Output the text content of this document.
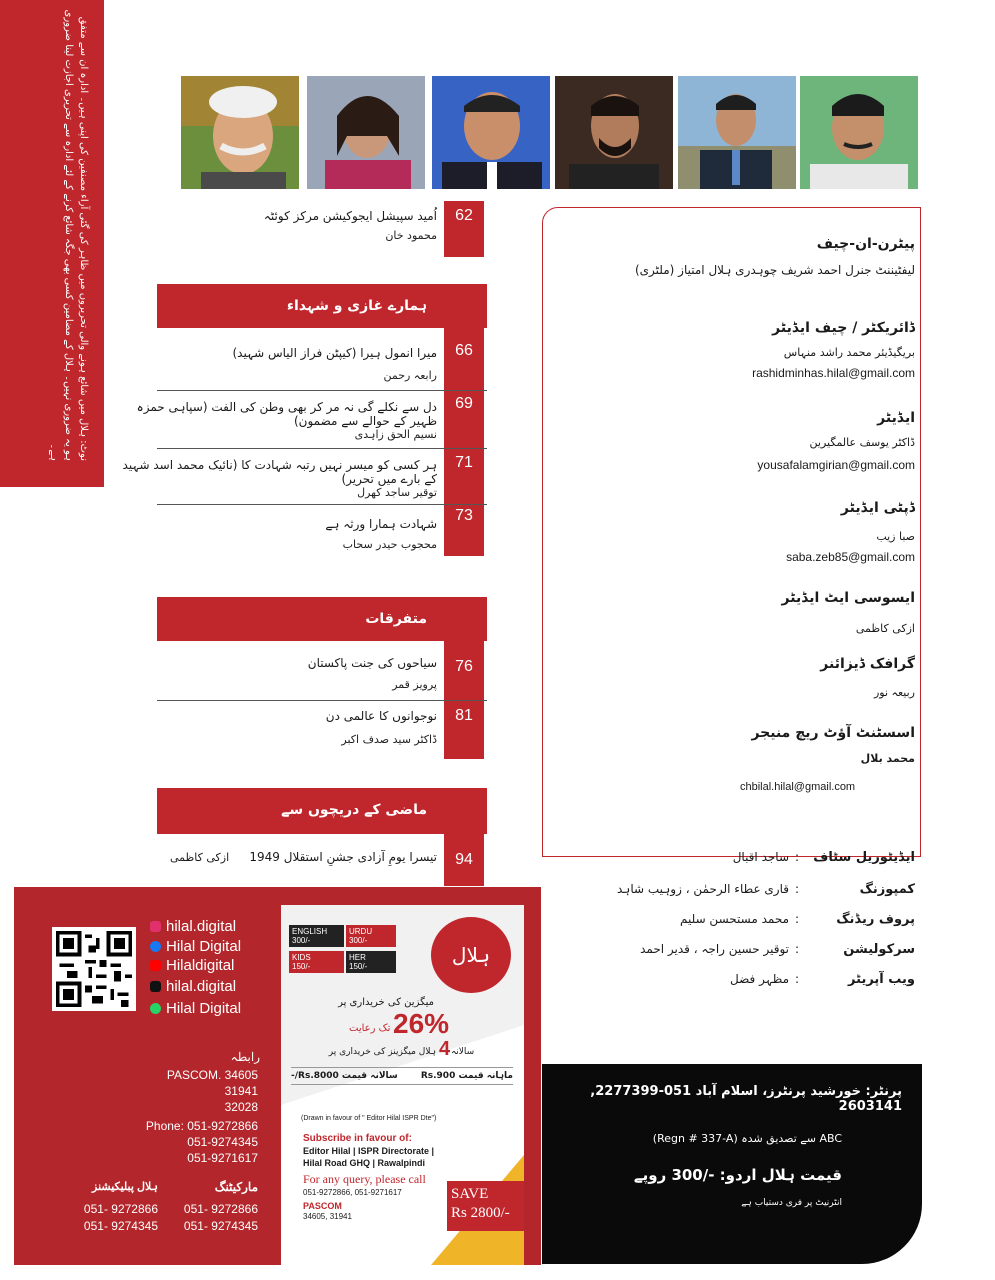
نوٹ: ہلال میں شائع ہونے والی تحریروں میں ظاہر کی گئی آراء مصنفین کی اپنی ہیں۔ ادارہ ان سے متفق ہو یہ ضروری نہیں۔ ہلال کے مضامین کسی بھی جگہ شائع کرنے کے لئے ادارہ سے تحریری اجازت لینا ضروری ہے۔
62
اُمید سپیشل ایجوکیشن مرکز کوئٹہ
محمود خان
ہمارے غازی و شہداء
66
میرا انمول ہیرا (کیپٹن فراز الیاس شہید)
رابعہ رحمن
69
دل سے نکلے گی نہ مر کر بھی وطن کی الفت (سپاہی حمزہ ظہیر کے حوالے سے مضمون)
نسیم الحق زاہدی
71
ہر کسی کو میسر نہیں رتبہ شہادت کا (نائیک محمد اسد شہید کے بارے میں تحریر)
توقیر ساجد کھرل
73
شہادت ہمارا ورثہ ہے
محجوب حیدر سحاب
متفرقات
76
سیاحوں کی جنت پاکستان
پرویز قمر
81
نوجوانوں کا عالمی دن
ڈاکٹر سید صدف اکبر
ماضی کے دریچوں سے
94
تیسرا یومِ آزادی جشنِ استقلال 1949
ازکی کاظمی
پیٹرن-ان-چیف
لیفٹیننٹ جنرل احمد شریف چوہدری ہلال امتیاز (ملٹری)
ڈائریکٹر / چیف ایڈیٹر
بریگیڈیئر محمد راشد منہاس
rashidminhas.hilal@gmail.com
ایڈیٹر
ڈاکٹر یوسف عالمگیرین
yousafalamgirian@gmail.com
ڈپٹی ایڈیٹر
صبا زیب
saba.zeb85@gmail.com
ایسوسی ایٹ ایڈیٹر
ازکی کاظمی
گرافک ڈیزائنر
ربیعہ نور
اسسٹنٹ آؤٹ ریچ منیجر
محمد بلال
chbilal.hilal@gmail.com
ایڈیٹوریل سٹاف:ساجد اقبال
کمپوزنگ:قاری عطاء الرحمٰن ، زوہیب شاہد
پروف ریڈنگ:محمد مستحسن سلیم
سرکولیشن:توقیر حسین راجہ ، قدیر احمد
ویب آپریٹر:مظہر فضل
hilal.digital
Hilal Digital
Hilaldigital
hilal.digital
Hilal Digital
رابطہ
PASCOM. 34605
31941
32028
Phone: 051-9272866
051-9274345
051-9271617
مارکیٹنگ
051- 9272866
051- 9274345
ہلال پبلیکیشنز
051- 9272866
051- 9274345
ہلال
ENGLISH
300/-
URDU
300/-
KIDS
150/-
HER
150/-
میگزین کی خریداری پر
26%
تک رعایت
سالانہ
4
ہلال میگزینز کی خریداری پر
ماہانہ قیمت Rs.900
سالانہ قیمت Rs.8000/-
(Drawn in favour of " Editor Hilal ISPR Dte")
Subscribe in favour of:
Editor Hilal | ISPR Directorate |
Hilal Road GHQ | Rawalpindi
For any query, please call
051-9272866, 051-9271617
PASCOM
34605, 31941
SAVE
Rs 2800/-
پرنٹر: خورشید پرنٹرز، اسلام آباد 051-2277399, 2603141
ABC سے تصدیق شدہ (Regn # 337-A)
قیمت ہلال اردو: -/300 روپے
انٹرنیٹ پر فری دستیاب ہے
